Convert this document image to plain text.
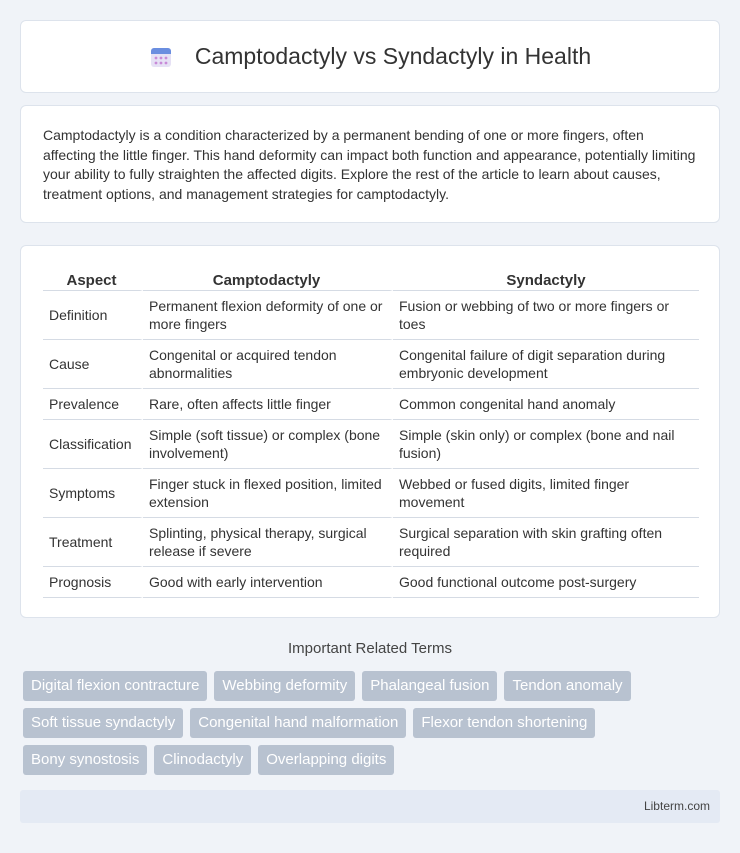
Camptodactyly vs Syndactyly in Health

Camptodactyly is a condition characterized by a permanent bending of one or more fingers, often affecting the little finger. This hand deformity can impact both function and appearance, potentially limiting your ability to fully straighten the affected digits. Explore the rest of the article to learn about causes, treatment options, and management strategies for camptodactyly.

Aspect	Camptodactyly	Syndactyly
Definition	Permanent flexion deformity of one or more fingers	Fusion or webbing of two or more fingers or toes
Cause	Congenital or acquired tendon abnormalities	Congenital failure of digit separation during embryonic development
Prevalence	Rare, often affects little finger	Common congenital hand anomaly
Classification	Simple (soft tissue) or complex (bone involvement)	Simple (skin only) or complex (bone and nail fusion)
Symptoms	Finger stuck in flexed position, limited extension	Webbed or fused digits, limited finger movement
Treatment	Splinting, physical therapy, surgical release if severe	Surgical separation with skin grafting often required
Prognosis	Good with early intervention	Good functional outcome post-surgery
Important Related Terms
Digital flexion contracture	Webbing deformity	Phalangeal fusion	Tendon anomaly
Soft tissue syndactyly	Congenital hand malformation	Flexor tendon shortening
Bony synostosis	Clinodactyly	Overlapping digits
Libterm.com
